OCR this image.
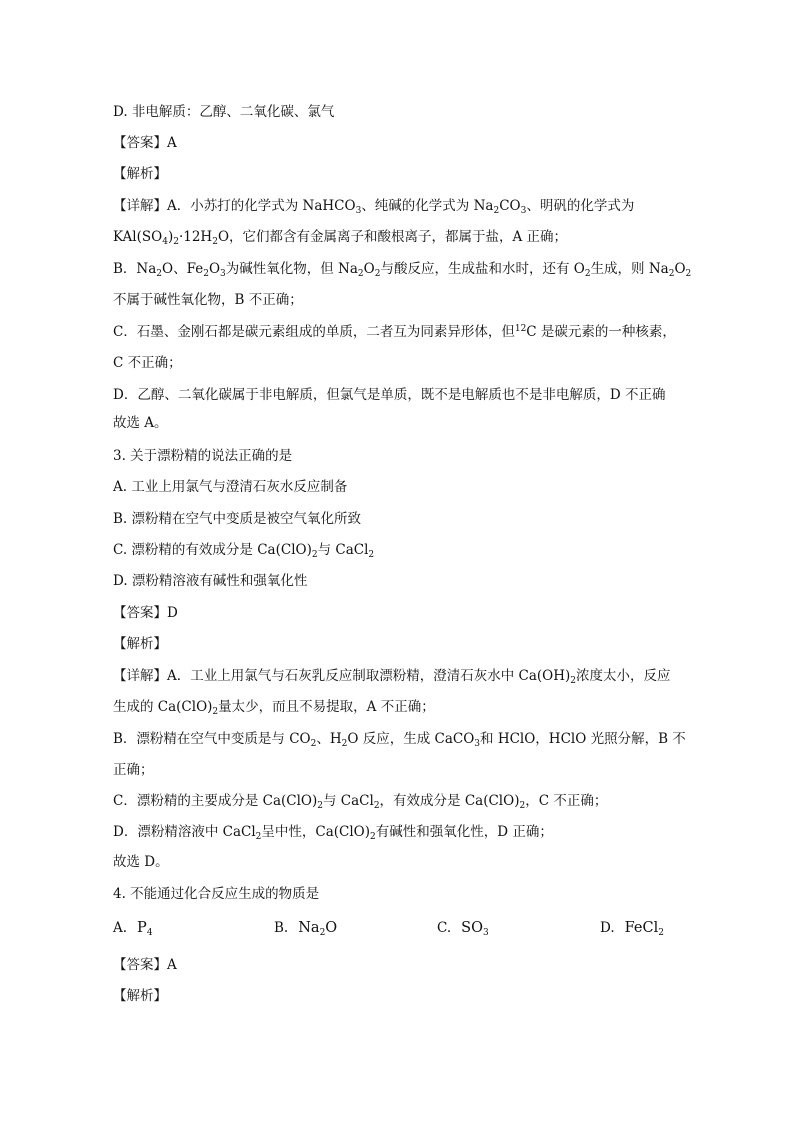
D. 非电解质：乙醇、二氧化碳、氯气
【答案】A
【解析】
【详解】A．小苏打的化学式为 NaHCO$_3$、纯碱的化学式为 $Na_2CO_3$、明矾的化学式为
$KAl(SO_4)_2\cdot 12H_2O$，它们都含有金属离子和酸根离子，都属于盐，A 正确；
B．$Na_2O$、$Fe_2O_3$为碱性氧化物，但 $Na_2O_2$与酸反应，生成盐和水时，还有 $O_2$生成，则 $Na_2O_2$
不属于碱性氧化物，B 不正确；
C．石墨、金刚石都是碳元素组成的单质，二者互为同素异形体，但$^{12}$C 是碳元素的一种核素，
C 不正确；
D．乙醇、二氧化碳属于非电解质，但氯气是单质，既不是电解质也不是非电解质，D 不正确
故选 A。
3. 关于漂粉精的说法正确的是
A. 工业上用氯气与澄清石灰水反应制备
B. 漂粉精在空气中变质是被空气氧化所致
C. 漂粉精的有效成分是 $Ca(ClO)_2$与 CaCl$_2$
D. 漂粉精溶液有碱性和强氧化性
【答案】D
【解析】
【详解】A．工业上用氯气与石灰乳反应制取漂粉精，澄清石灰水中 $Ca(OH)_2$浓度太小，反应
生成的 $Ca(ClO)_2$量太少，而且不易提取，A 不正确；
B．漂粉精在空气中变质是与 $CO_2$、$H_2O$ 反应，生成 CaCO$_3$和 HClO，HClO 光照分解，B 不
正确；
C．漂粉精的主要成分是 $Ca(ClO)_2$与 CaCl$_2$，有效成分是 $Ca(ClO)_2$，C 不正确；
D．漂粉精溶液中 CaCl$_2$呈中性，$Ca(ClO)_2$有碱性和强氧化性，D 正确；
故选 D。
4. 不能通过化合反应生成的物质是
A. $P_4$	B. $Na_2O$	C. $SO_3$	D. FeCl$_2$
【答案】A
【解析】
